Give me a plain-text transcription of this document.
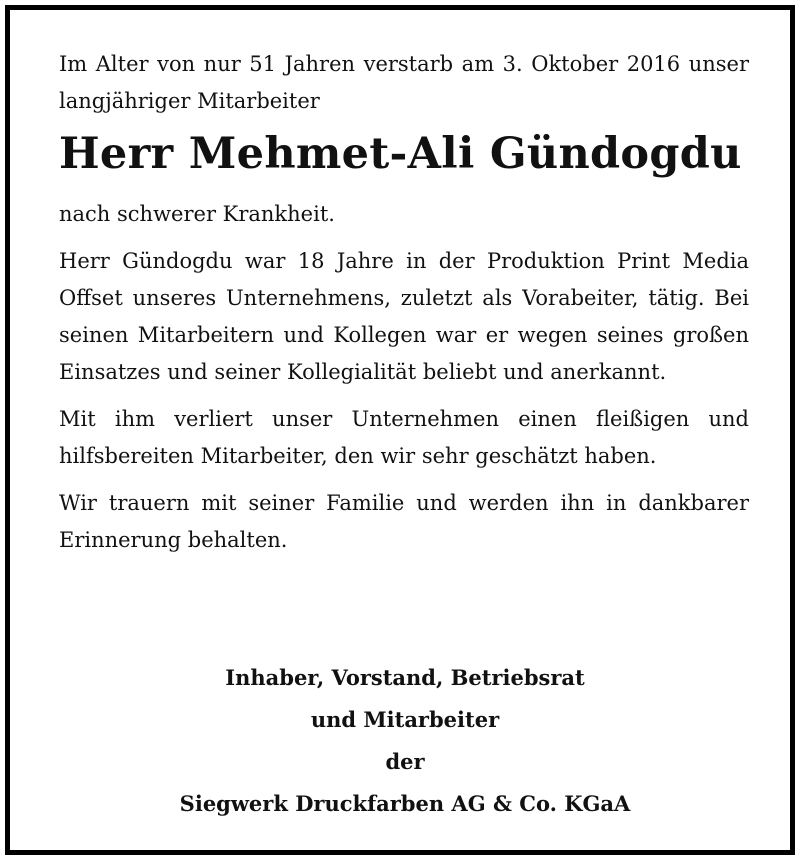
Im Alter von nur 51 Jahren verstarb am 3. Oktober 2016 unser langjähriger Mitarbeiter

Herr Mehmet-Ali Gündogdu

nach schwerer Krankheit.

Herr Gündogdu war 18 Jahre in der Produktion Print Media Offset unseres Unternehmens, zuletzt als Vorabeiter, tätig. Bei seinen Mitarbeitern und Kollegen war er wegen seines großen Einsatzes und seiner Kollegialität beliebt und anerkannt.

Mit ihm verliert unser Unternehmen einen fleißigen und hilfsbereiten Mitarbeiter, den wir sehr geschätzt haben.

Wir trauern mit seiner Familie und werden ihn in dankbarer Erinnerung behalten.

Inhaber, Vorstand, Betriebsrat
und Mitarbeiter
der
Siegwerk Druckfarben AG & Co. KGaA
